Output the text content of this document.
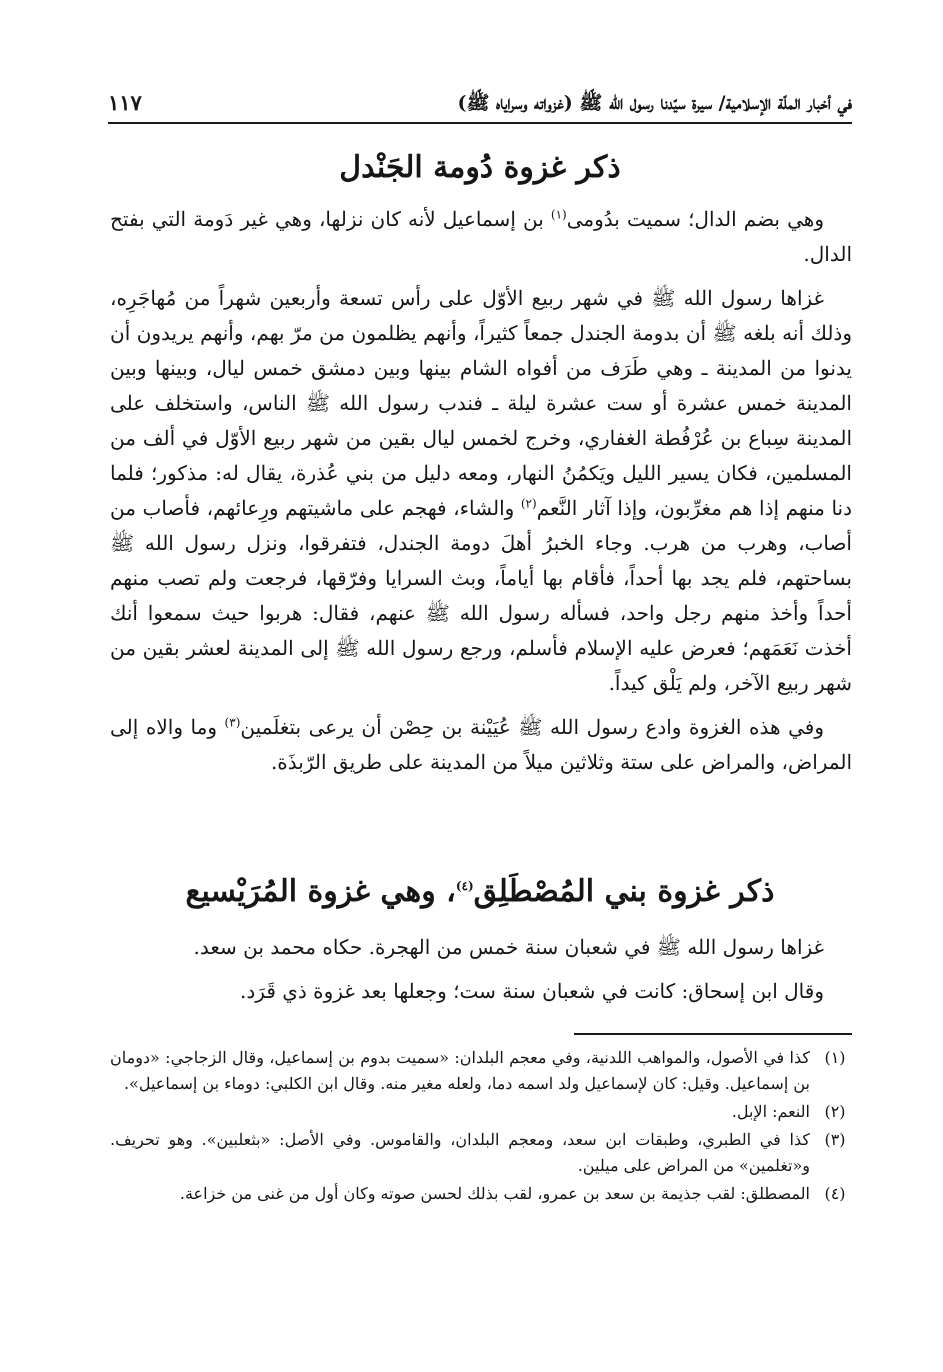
في أخبار الملّة الإسلامية/ سيرة سيّدنا رسول الله ﷺ (غزواته وسراياه ﷺ)
١١٧
ذكر غزوة دُومة الجَنْدل

وهي بضم الدال؛ سميت بدُومى$^{(١)}$ بن إسماعيل لأنه كان نزلها، وهي غير دَومة التي بفتح الدال.

غزاها رسول الله ﷺ في شهر ربيع الأوّل على رأس تسعة وأربعين شهراً من مُهاجَرِه، وذلك أنه بلغه ﷺ أن بدومة الجندل جمعاً كثيراً، وأنهم يظلمون من مرّ بهم، وأنهم يريدون أن يدنوا من المدينة ـ وهي طَرَف من أفواه الشام بينها وبين دمشق خمس ليال، وبينها وبين المدينة خمس عشرة أو ست عشرة ليلة ـ فندب رسول الله ﷺ الناس، واستخلف على المدينة سِباع بن عُرْفُطة الغفاري، وخرج لخمس ليال بقين من شهر ربيع الأوّل في ألف من المسلمين، فكان يسير الليل ويَكمُنُ النهار، ومعه دليل من بني عُذرة، يقال له: مذكور؛ فلما دنا منهم إذا هم مغرِّبون، وإذا آثار النَّعم$^{(٢)}$ والشاء، فهجم على ماشيتهم ورِعائهم، فأصاب من أصاب، وهرب من هرب. وجاء الخبرُ أهلَ دومة الجندل، فتفرقوا، ونزل رسول الله ﷺ بساحتهم، فلم يجد بها أحداً، فأقام بها أياماً، وبث السرايا وفرّقها، فرجعت ولم تصب منهم أحداً وأخذ منهم رجل واحد، فسأله رسول الله ﷺ عنهم، فقال: هربوا حيث سمعوا أنك أخذت نَعَمَهم؛ فعرض عليه الإسلام فأسلم، ورجع رسول الله ﷺ إلى المدينة لعشر بقين من شهر ربيع الآخر، ولم يَلْق كيداً.

وفي هذه الغزوة وادع رسول الله ﷺ عُيَيْنة بن حِصْن أن يرعى بتغلَمين$^{(٣)}$ وما والاه إلى المراض، والمراض على ستة وثلاثين ميلاً من المدينة على طريق الرّبذَة.

ذكر غزوة بني المُصْطَلِق$^{(٤)}$، وهي غزوة المُرَيْسيع

غزاها رسول الله ﷺ في شعبان سنة خمس من الهجرة. حكاه محمد بن سعد.

وقال ابن إسحاق: كانت في شعبان سنة ست؛ وجعلها بعد غزوة ذي قَرَد.

(١)
كذا في الأصول، والمواهب اللدنية، وفي معجم البلدان: «سميت بدوم بن إسماعيل، وقال الزجاجي: «دومان بن إسماعيل. وقيل: كان لإسماعيل ولد اسمه دما، ولعله مغير منه. وقال ابن الكلبي: دوماء بن إسماعيل».
(٢)
النعم: الإبل.
(٣)
كذا في الطبري، وطبقات ابن سعد، ومعجم البلدان، والقاموس. وفي الأصل: «بثعلبين». وهو تحريف. و«تغلمين» من المراض على ميلين.
(٤)
المصطلق: لقب جذيمة بن سعد بن عمرو، لقب بذلك لحسن صوته وكان أول من غنى من خزاعة.
